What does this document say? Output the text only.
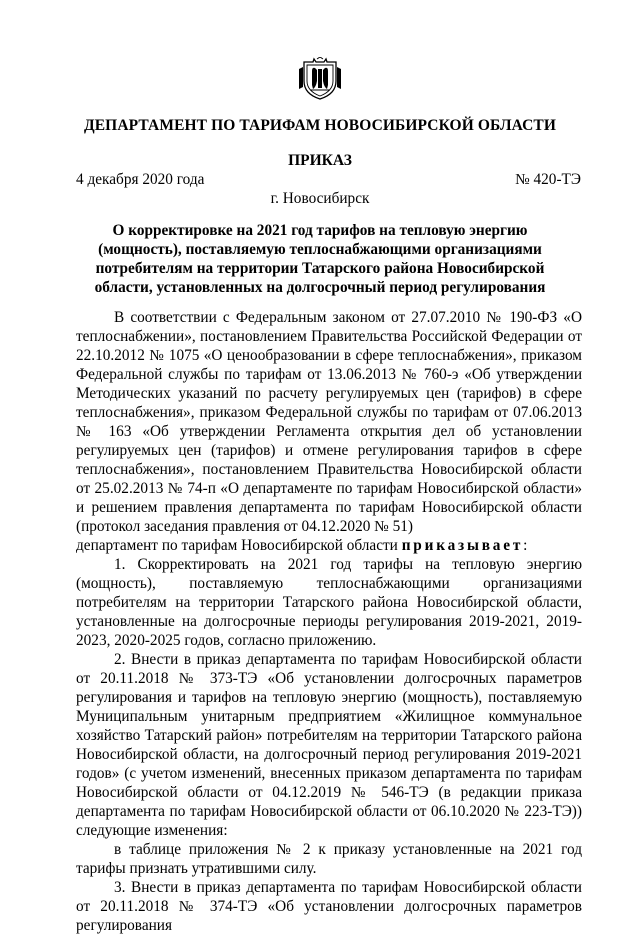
ДЕПАРТАМЕНТ ПО ТАРИФАМ НОВОСИБИРСКОЙ ОБЛАСТИ
ПРИКАЗ
4 декабря 2020 года	№ 420-ТЭ
г. Новосибирск
О корректировке на 2021 год тарифов на тепловую энергию (мощность), поставляемую теплоснабжающими организациями потребителям на территории Татарского района Новосибирской области, установленных на долгосрочный период регулирования

В соответствии с Федеральным законом от 27.07.2010 № 190-ФЗ «О теплоснабжении», постановлением Правительства Российской Федерации от 22.10.2012 № 1075 «О ценообразовании в сфере теплоснабжения», приказом Федеральной службы по тарифам от 13.06.2013 № 760-э «Об утверждении Методических указаний по расчету регулируемых цен (тарифов) в сфере теплоснабжения», приказом Федеральной службы по тарифам от 07.06.2013 № 163 «Об утверждении Регламента открытия дел об установлении регулируемых цен (тарифов) и отмене регулирования тарифов в сфере теплоснабжения», постановлением Правительства Новосибирской области от 25.02.2013 № 74-п «О департаменте по тарифам Новосибирской области» и решением правления департамента по тарифам Новосибирской области (протокол заседания правления от 04.12.2020 № 51)

департамент по тарифам Новосибирской области приказывает:

1. Скорректировать на 2021 год тарифы на тепловую энергию (мощность), поставляемую теплоснабжающими организациями потребителям на территории Татарского района Новосибирской области, установленные на долгосрочные периоды регулирования 2019-2021, 2019-2023, 2020-2025 годов, согласно приложению.

2. Внести в приказ департамента по тарифам Новосибирской области от 20.11.2018 № 373-ТЭ «Об установлении долгосрочных параметров регулирования и тарифов на тепловую энергию (мощность), поставляемую Муниципальным унитарным предприятием «Жилищное коммунальное хозяйство Татарский район» потребителям на территории Татарского района Новосибирской области, на долгосрочный период регулирования 2019-2021 годов» (с учетом изменений, внесенных приказом департамента по тарифам Новосибирской области от 04.12.2019 № 546-ТЭ (в редакции приказа департамента по тарифам Новосибирской области от 06.10.2020 № 223-ТЭ)) следующие изменения:

в таблице приложения № 2 к приказу установленные на 2021 год тарифы признать утратившими силу.

3. Внести в приказ департамента по тарифам Новосибирской области от 20.11.2018 № 374-ТЭ «Об установлении долгосрочных параметров регулирования
